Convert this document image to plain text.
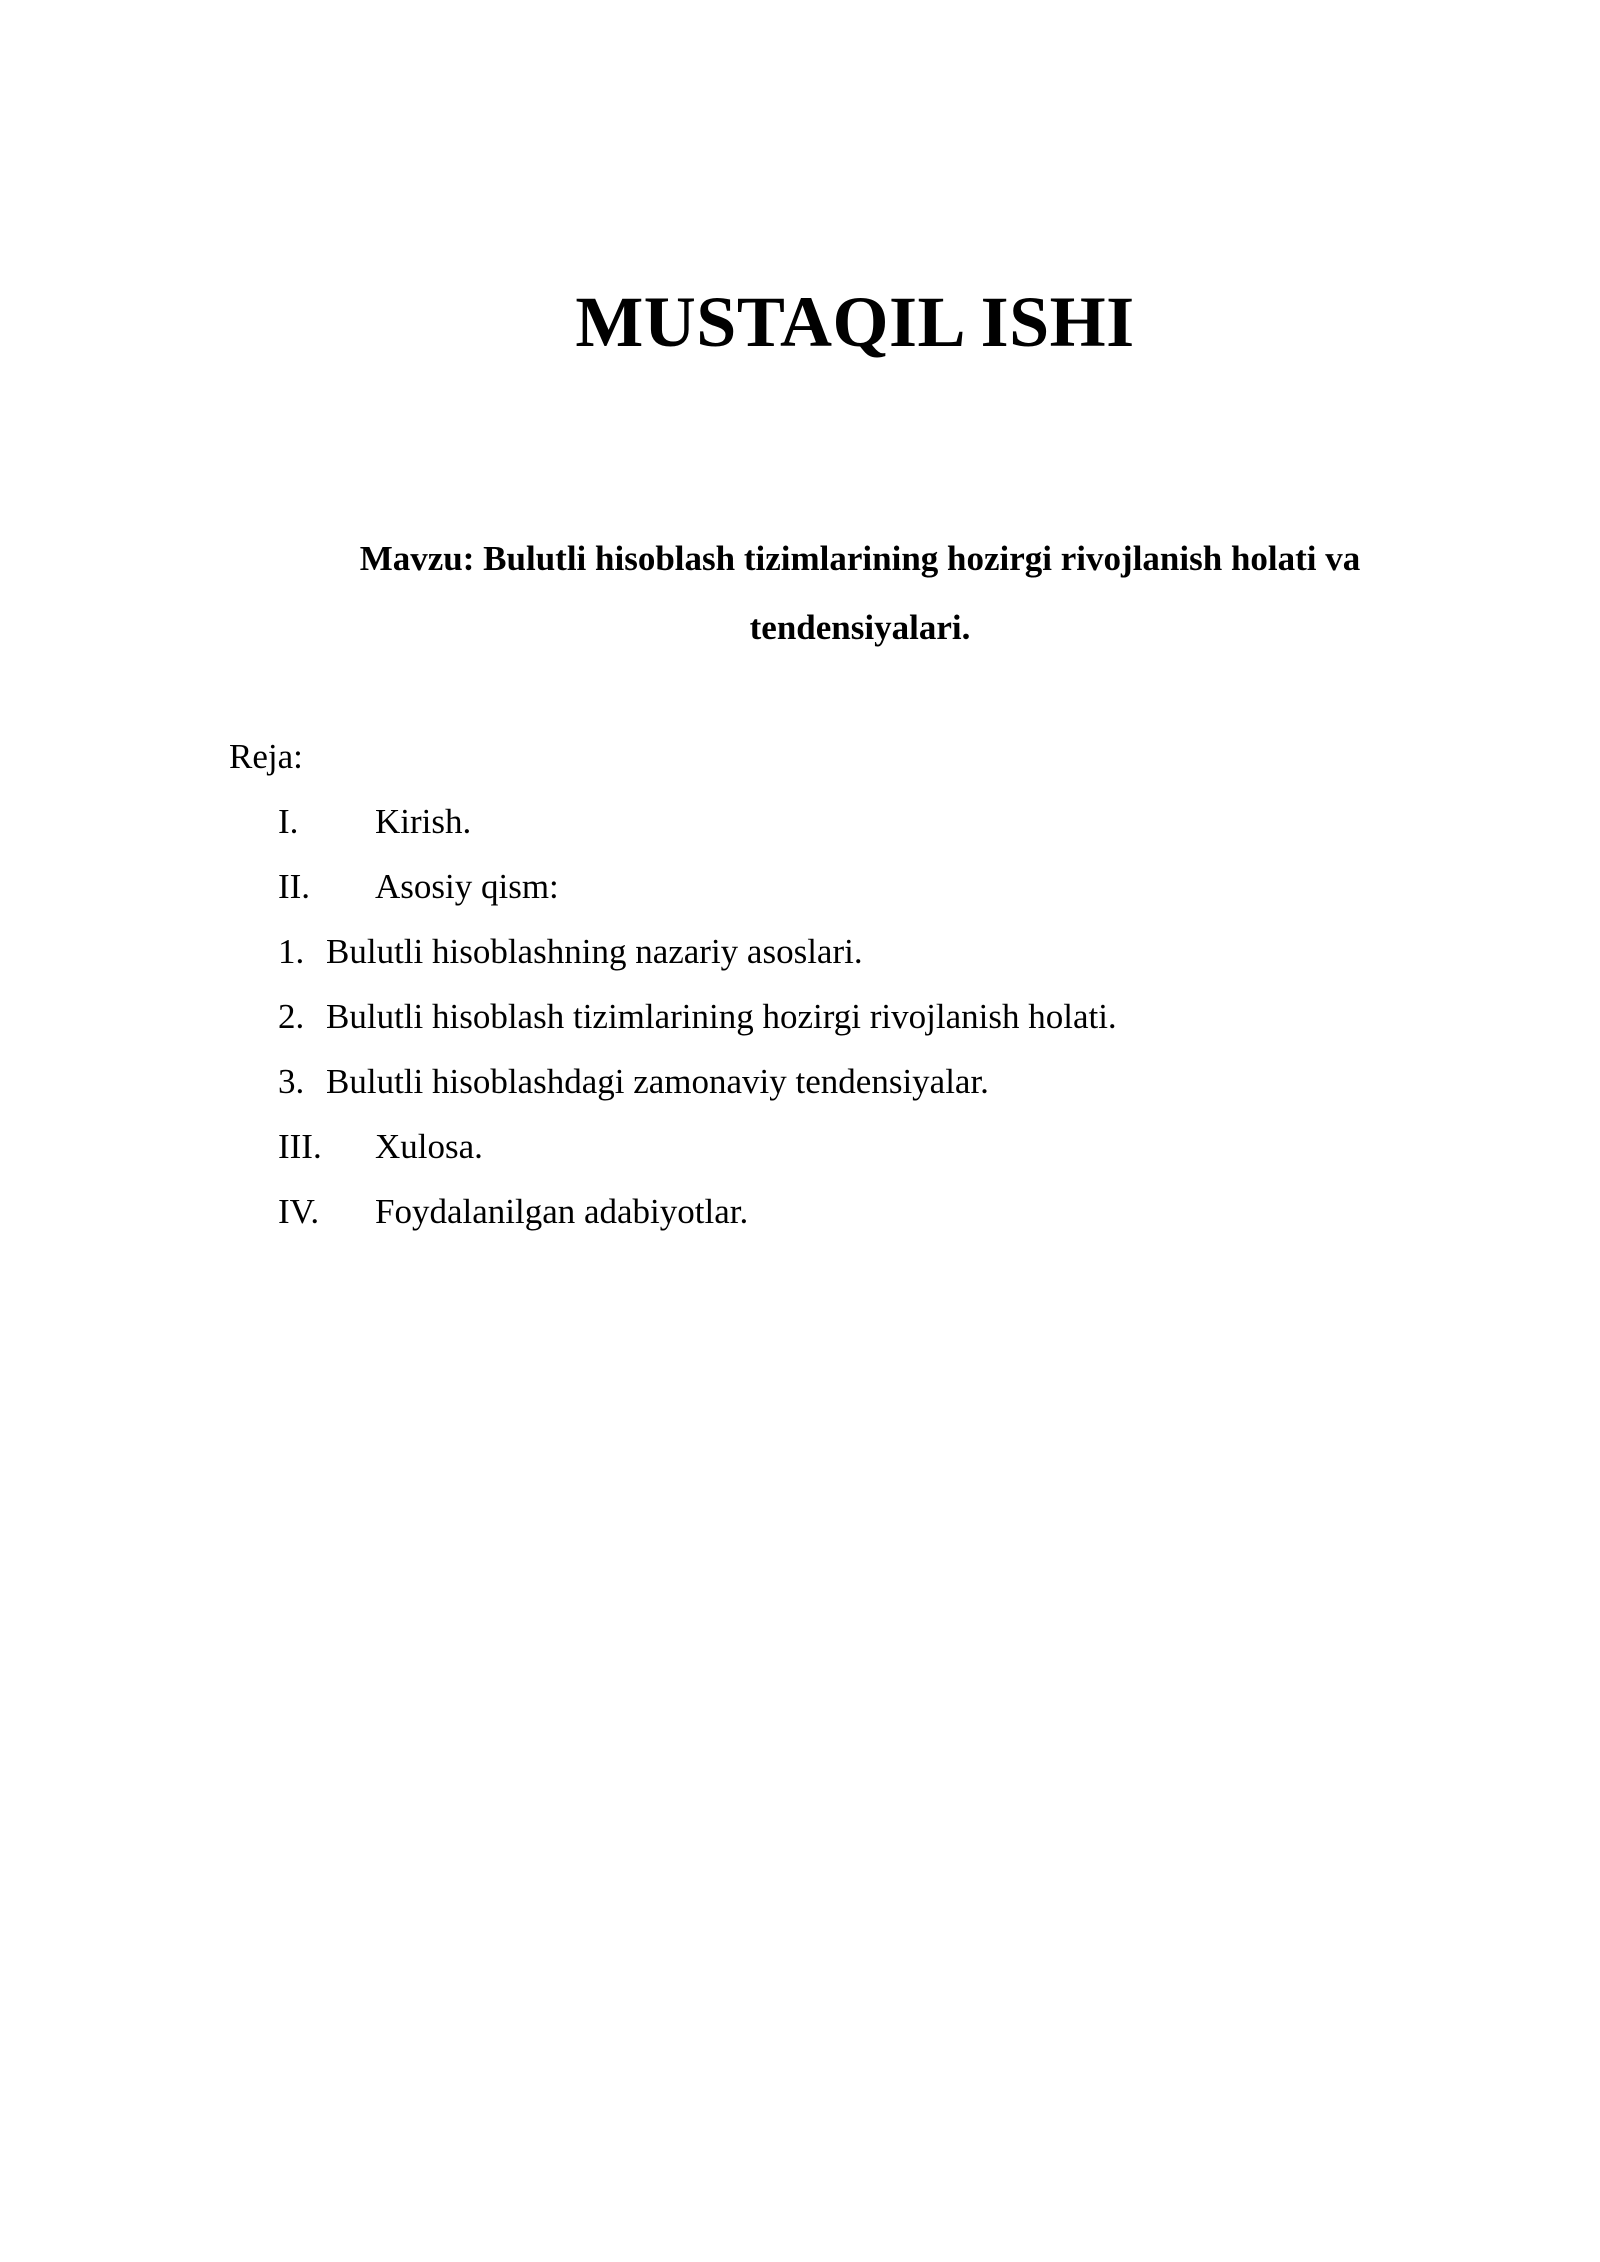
MUSTAQIL ISHI
Mavzu: Bulutli hisoblash tizimlarining hozirgi rivojlanish holati va
tendensiyalari.

Reja:

I. Kirish.
II. Asosiy qism:
1. Bulutli hisoblashning nazariy asoslari.
2. Bulutli hisoblash tizimlarining hozirgi rivojlanish holati.
3. Bulutli hisoblashdagi zamonaviy tendensiyalar.
III. Xulosa.
IV. Foydalanilgan adabiyotlar.
